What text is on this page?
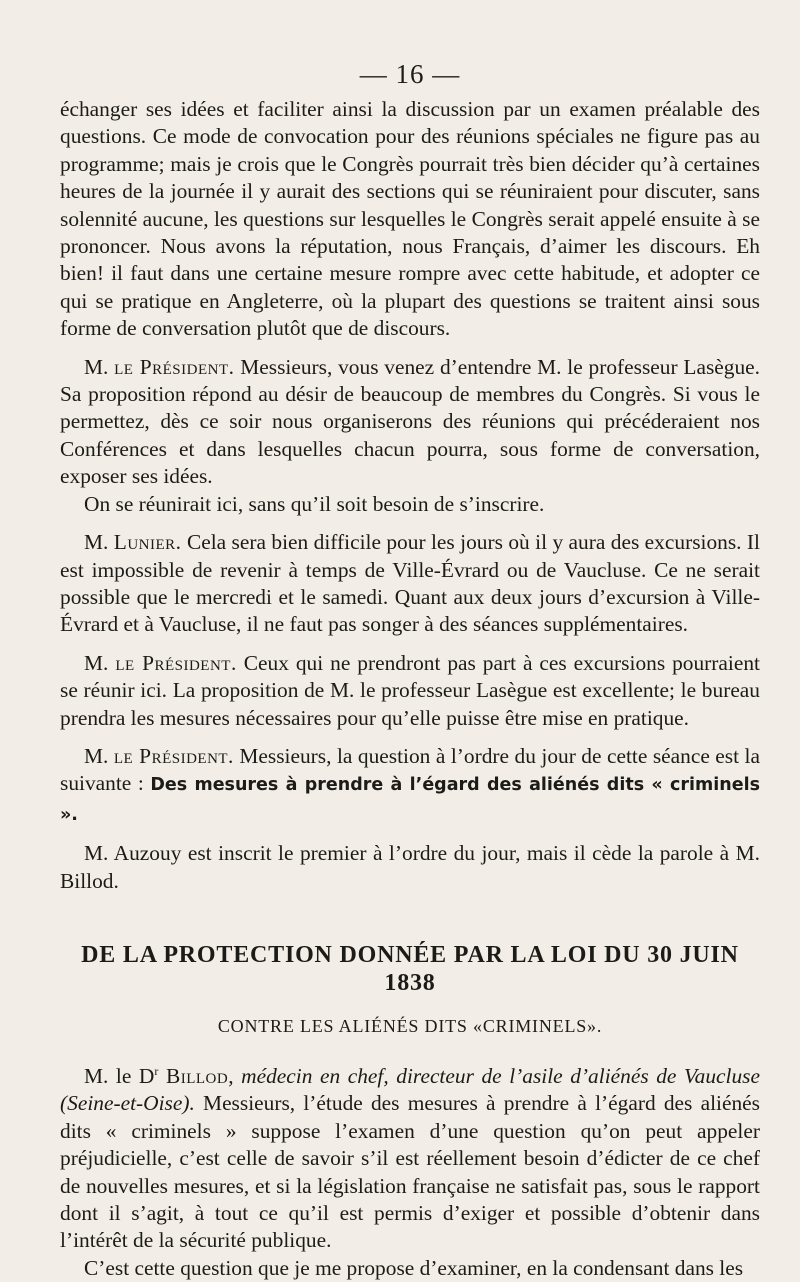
— 16 —

échanger ses idées et faciliter ainsi la discussion par un examen préalable des questions. Ce mode de convocation pour des réunions spéciales ne figure pas au programme; mais je crois que le Congrès pourrait très bien décider qu’à certaines heures de la journée il y aurait des sections qui se réuniraient pour discuter, sans solennité aucune, les questions sur lesquelles le Congrès serait appelé ensuite à se prononcer. Nous avons la réputation, nous Français, d’aimer les discours. Eh bien! il faut dans une certaine mesure rompre avec cette habitude, et adopter ce qui se pratique en Angleterre, où la plupart des questions se traitent ainsi sous forme de conversation plutôt que de discours.

M. le Président. Messieurs, vous venez d’entendre M. le professeur Lasègue. Sa proposition répond au désir de beaucoup de membres du Congrès. Si vous le permettez, dès ce soir nous organiserons des réunions qui précéderaient nos Conférences et dans lesquelles chacun pourra, sous forme de conversation, exposer ses idées.

On se réunirait ici, sans qu’il soit besoin de s’inscrire.

M. Lunier. Cela sera bien difficile pour les jours où il y aura des excursions. Il est impossible de revenir à temps de Ville-Évrard ou de Vaucluse. Ce ne serait possible que le mercredi et le samedi. Quant aux deux jours d’excursion à Ville-Évrard et à Vaucluse, il ne faut pas songer à des séances supplémentaires.

M. le Président. Ceux qui ne prendront pas part à ces excursions pourraient se réunir ici. La proposition de M. le professeur Lasègue est excellente; le bureau prendra les mesures nécessaires pour qu’elle puisse être mise en pratique.

M. le Président. Messieurs, la question à l’ordre du jour de cette séance est la suivante : Des mesures à prendre à l’égard des aliénés dits « criminels ».

M. Auzouy est inscrit le premier à l’ordre du jour, mais il cède la parole à M. Billod.

DE LA PROTECTION DONNÉE PAR LA LOI DU 30 JUIN 1838
CONTRE LES ALIÉNÉS DITS «CRIMINELS».

M. le $D^r$ Billod, médecin en chef, directeur de l’asile d’aliénés de Vaucluse (Seine-et-Oise). Messieurs, l’étude des mesures à prendre à l’égard des aliénés dits « criminels » suppose l’examen d’une question qu’on peut appeler préjudicielle, c’est celle de savoir s’il est réellement besoin d’édicter de ce chef de nouvelles mesures, et si la législation française ne satisfait pas, sous le rapport dont il s’agit, à tout ce qu’il est permis d’exiger et possible d’obtenir dans l’intérêt de la sécurité publique.

C’est cette question que je me propose d’examiner, en la condensant dans les
